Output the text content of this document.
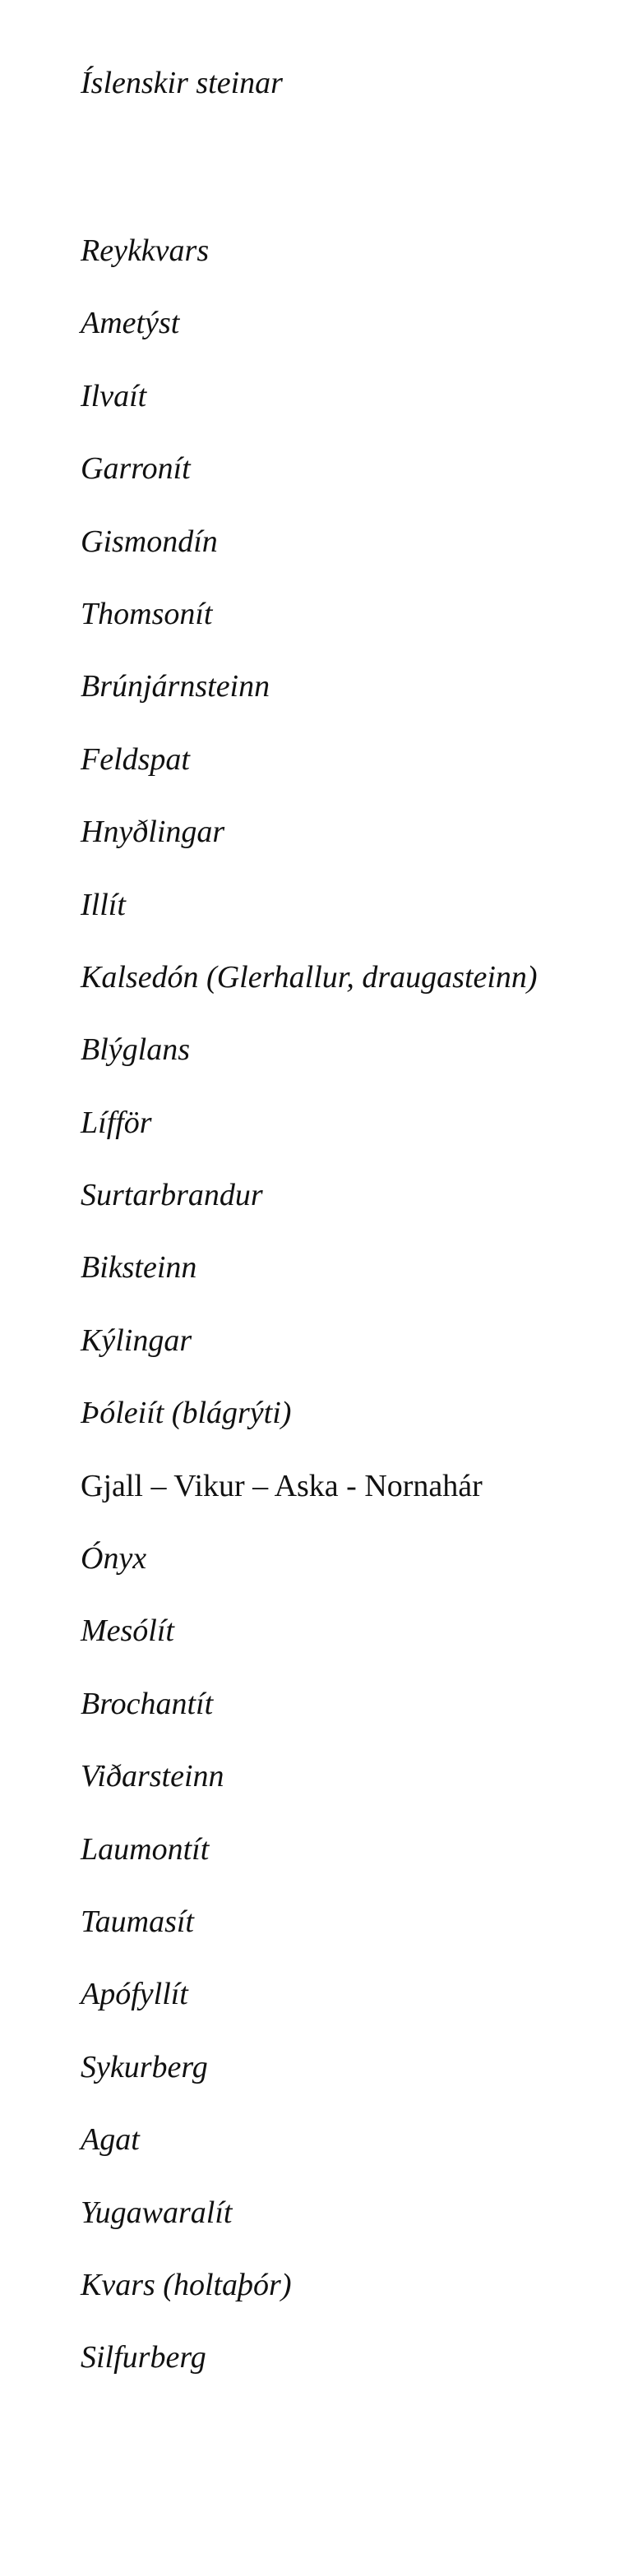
Íslenskir steinar
Reykkvars
Ametýst
Ilvaít
Garronít
Gismondín
Thomsonít
Brúnjárnsteinn
Feldspat
Hnyðlingar
Illít
Kalsedón (Glerhallur, draugasteinn)
Blýglans
Lífför
Surtarbrandur
Biksteinn
Kýlingar
Þóleiít (blágrýti)
Gjall – Vikur – Aska - Nornahár
Ónyx
Mesólít
Brochantít
Viðarsteinn
Laumontít
Taumasít
Apófyllít
Sykurberg
Agat
Yugawaralít
Kvars (holtaþór)
Silfurberg
